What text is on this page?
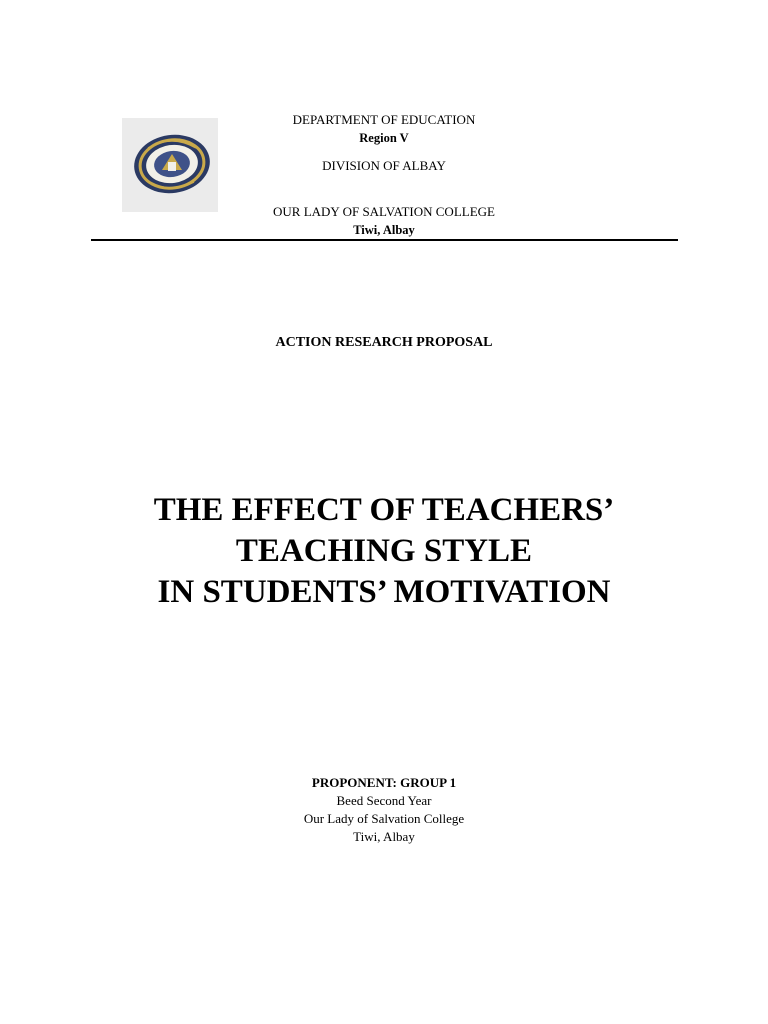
DEPARTMENT OF EDUCATION
Region V
DIVISION OF ALBAY
OUR LADY OF SALVATION COLLEGE
Tiwi, Albay
ACTION RESEARCH PROPOSAL
THE EFFECT OF TEACHERS’
TEACHING STYLE
IN STUDENTS’ MOTIVATION
PROPONENT: GROUP 1
Beed Second Year
Our Lady of Salvation College
Tiwi, Albay
